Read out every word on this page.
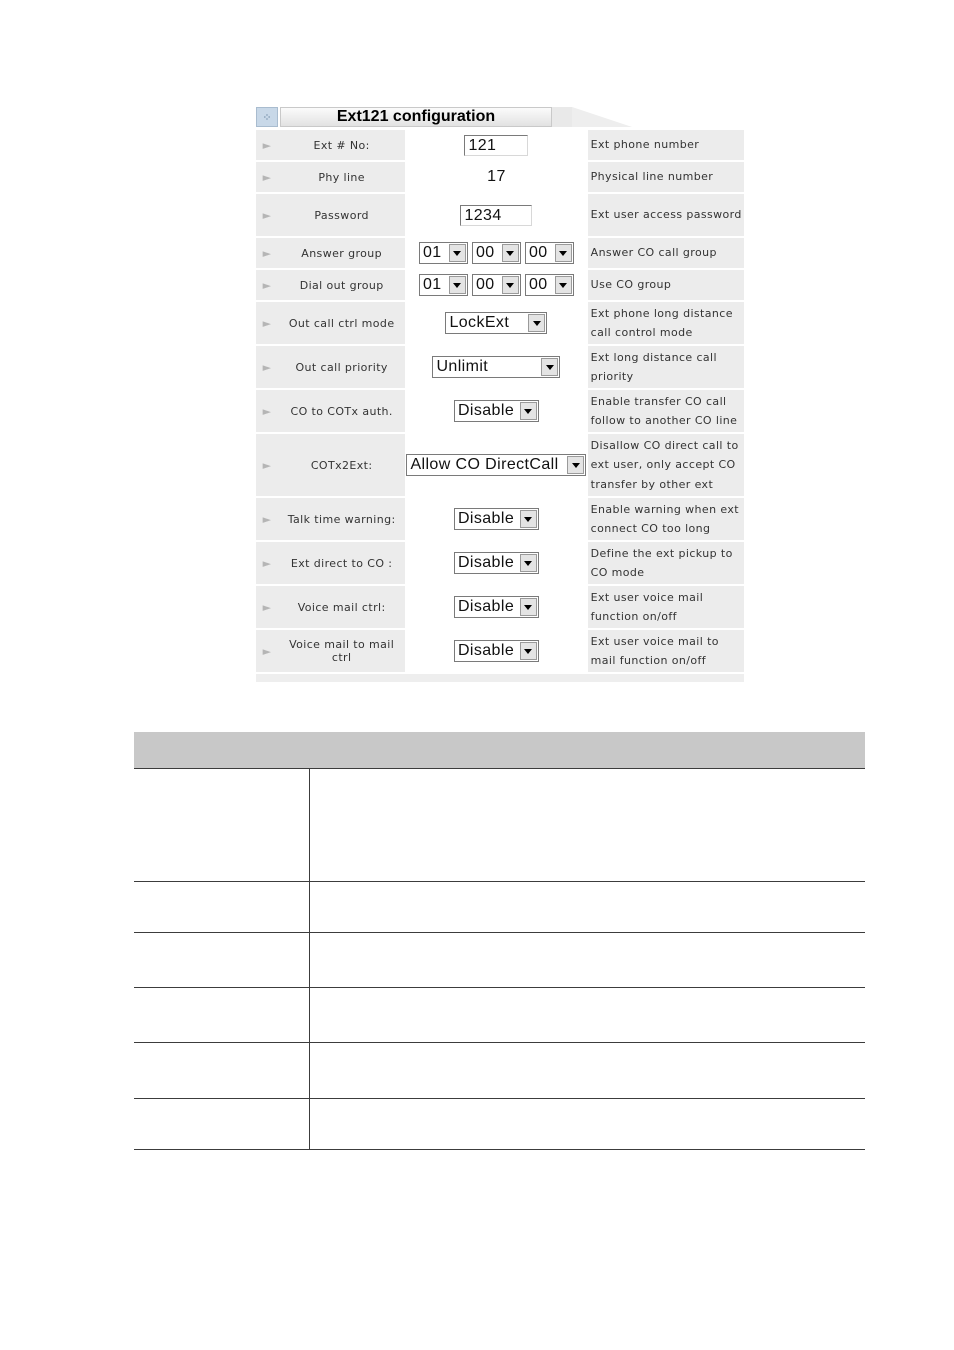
⁘	Ext121 configuration
►	Ext # No:	121	Ext phone number
►	Phy line	17	Physical line number
►	Password	1234	Ext user access password
►	Answer group	01 00 00	Answer CO call group
►	Dial out group	01 00 00	Use CO group
►	Out call ctrl mode	LockExt	Ext phone long distance call control mode
►	Out call priority	Unlimit	Ext long distance call priority
►	CO to COTx auth.	Disable	Enable transfer CO call follow to another CO line
►	COTx2Ext:	Allow CO DirectCall	Disallow CO direct call to ext user, only accept CO transfer by other ext
►	Talk time warning:	Disable	Enable warning when ext connect CO too long
►	Ext direct to CO :	Disable	Define the ext pickup to CO mode
►	Voice mail ctrl:	Disable	Ext user voice mail function on/off
►	Voice mail to mail ctrl	Disable	Ext user voice mail to mail function on/off
